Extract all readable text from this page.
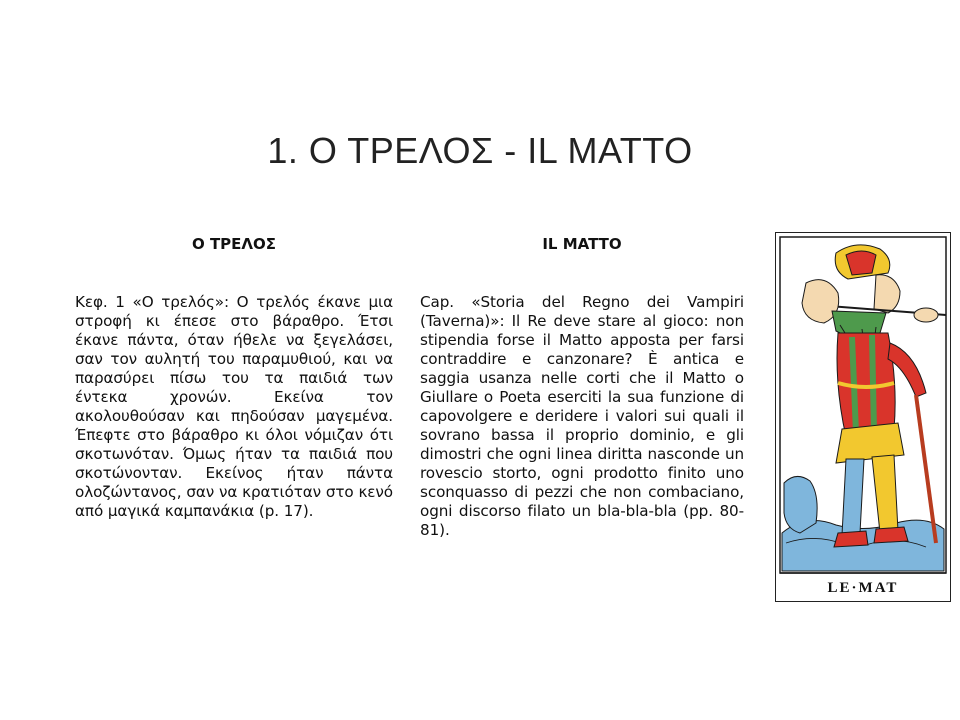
1. Ο ΤΡΕΛΟΣ - IL MATTO
Ο ΤΡΕΛΟΣ	IL MATTO
Κεφ. 1 «Ο τρελός»: Ο τρελός έκανε μια στροφή κι έπεσε στο βάραθρο. Έτσι έκανε πάντα, όταν ήθελε να ξεγελάσει, σαν τον αυλητή του παραμυθιού, και να παρασύρει πίσω του τα παιδιά των έντεκα χρονών. Εκείνα τον ακολουθούσαν και πηδούσαν μαγεμένα. Έπεφτε στο βάραθρο κι όλοι νόμιζαν ότι σκοτωνόταν. Όμως ήταν τα παιδιά που σκοτώνονταν. Εκείνος ήταν πάντα ολοζώντανος, σαν να κρατιόταν στο κενό από μαγικά καμπανάκια (p. 17).
Cap. «Storia del Regno dei Vampiri (Taverna)»: Il Re deve stare al gioco: non stipendia forse il Matto apposta per farsi contraddire e canzonare? È antica e saggia usanza nelle corti che il Matto o Giullare o Poeta eserciti la sua funzione di capovolgere e deridere i valori sui quali il sovrano bassa il proprio dominio, e gli dimostri che ogni linea diritta nasconde un rovescio storto, ogni prodotto finito uno sconquasso di pezzi che non combaciano, ogni discorso filato un bla-bla-bla (pp. 80-81).
LE·MAT
